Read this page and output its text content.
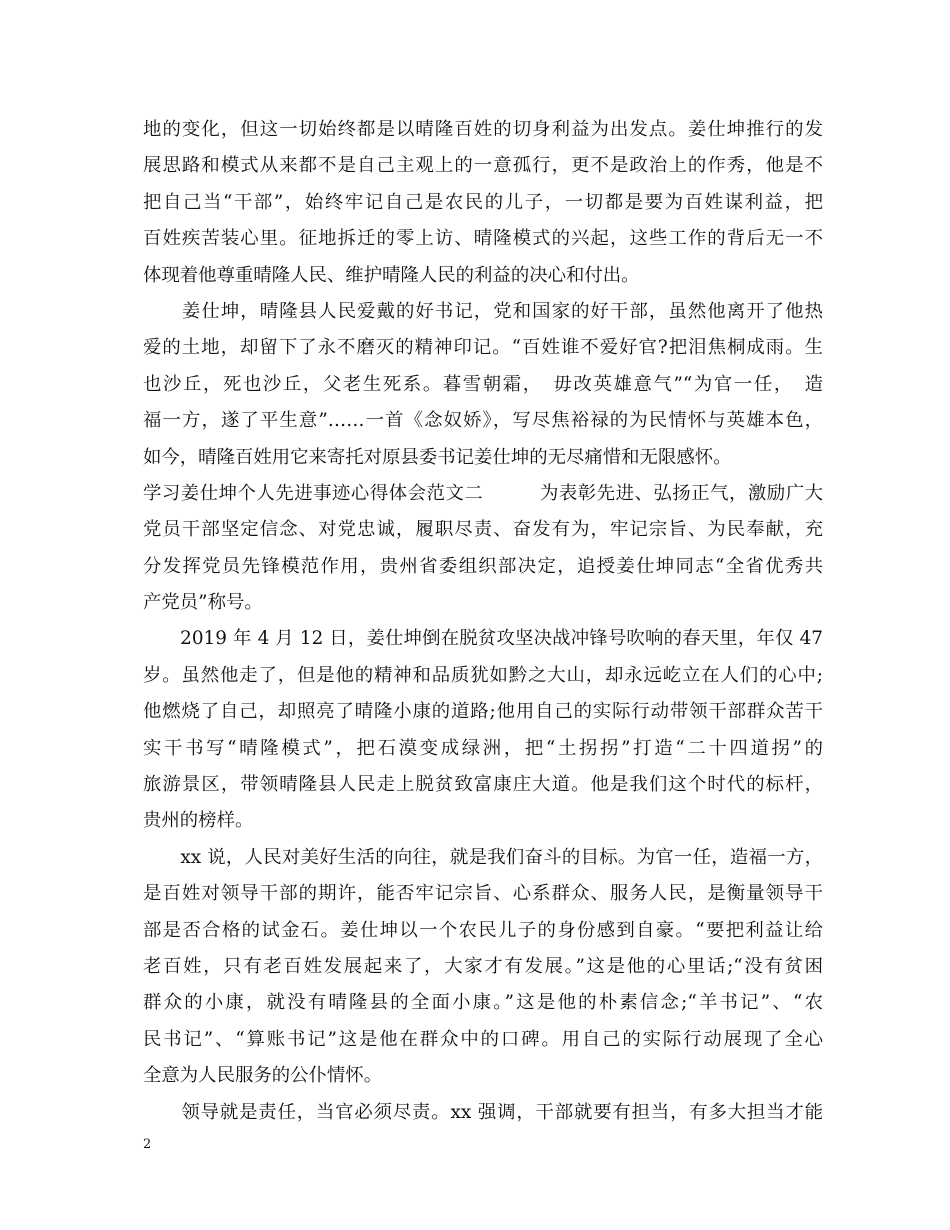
地的变化，但这一切始终都是以晴隆百姓的切身利益为出发点。姜仕坤推行的发
展思路和模式从来都不是自己主观上的一意孤行，更不是政治上的作秀，他是不
把自己当“干部”，始终牢记自己是农民的儿子，一切都是要为百姓谋利益，把
百姓疾苦装心里。征地拆迁的零上访、晴隆模式的兴起，这些工作的背后无一不
体现着他尊重晴隆人民、维护晴隆人民的利益的决心和付出。
　　姜仕坤，晴隆县人民爱戴的好书记，党和国家的好干部，虽然他离开了他热
爱的土地，却留下了永不磨灭的精神印记。“百姓谁不爱好官?把泪焦桐成雨。生
也沙丘，死也沙丘，父老生死系。暮雪朝霜，　毋改英雄意气”“为官一任，　造
福一方，遂了平生意”……一首《念奴娇》，写尽焦裕禄的为民情怀与英雄本色，
如今，晴隆百姓用它来寄托对原县委书记姜仕坤的无尽痛惜和无限感怀。
学习姜仕坤个人先进事迹心得体会范文二　　　为表彰先进、弘扬正气，激励广大
党员干部坚定信念、对党忠诚，履职尽责、奋发有为，牢记宗旨、为民奉献，充
分发挥党员先锋模范作用，贵州省委组织部决定，追授姜仕坤同志“全省优秀共
产党员”称号。
　　2019 年 4 月 12 日，姜仕坤倒在脱贫攻坚决战冲锋号吹响的春天里，年仅 47
岁。虽然他走了，但是他的精神和品质犹如黔之大山，却永远屹立在人们的心中;
他燃烧了自己，却照亮了晴隆小康的道路;他用自己的实际行动带领干部群众苦干
实干书写“晴隆模式”，把石漠变成绿洲，把“土拐拐”打造“二十四道拐”的
旅游景区，带领晴隆县人民走上脱贫致富康庄大道。他是我们这个时代的标杆，
贵州的榜样。
　　xx 说，人民对美好生活的向往，就是我们奋斗的目标。为官一任，造福一方，
是百姓对领导干部的期许，能否牢记宗旨、心系群众、服务人民，是衡量领导干
部是否合格的试金石。姜仕坤以一个农民儿子的身份感到自豪。“要把利益让给
老百姓，只有老百姓发展起来了，大家才有发展。”这是他的心里话;“没有贫困
群众的小康，就没有晴隆县的全面小康。”这是他的朴素信念;“羊书记”、“农
民书记”、“算账书记”这是他在群众中的口碑。用自己的实际行动展现了全心
全意为人民服务的公仆情怀。
　　领导就是责任，当官必须尽责。xx 强调，干部就要有担当，有多大担当才能
2
